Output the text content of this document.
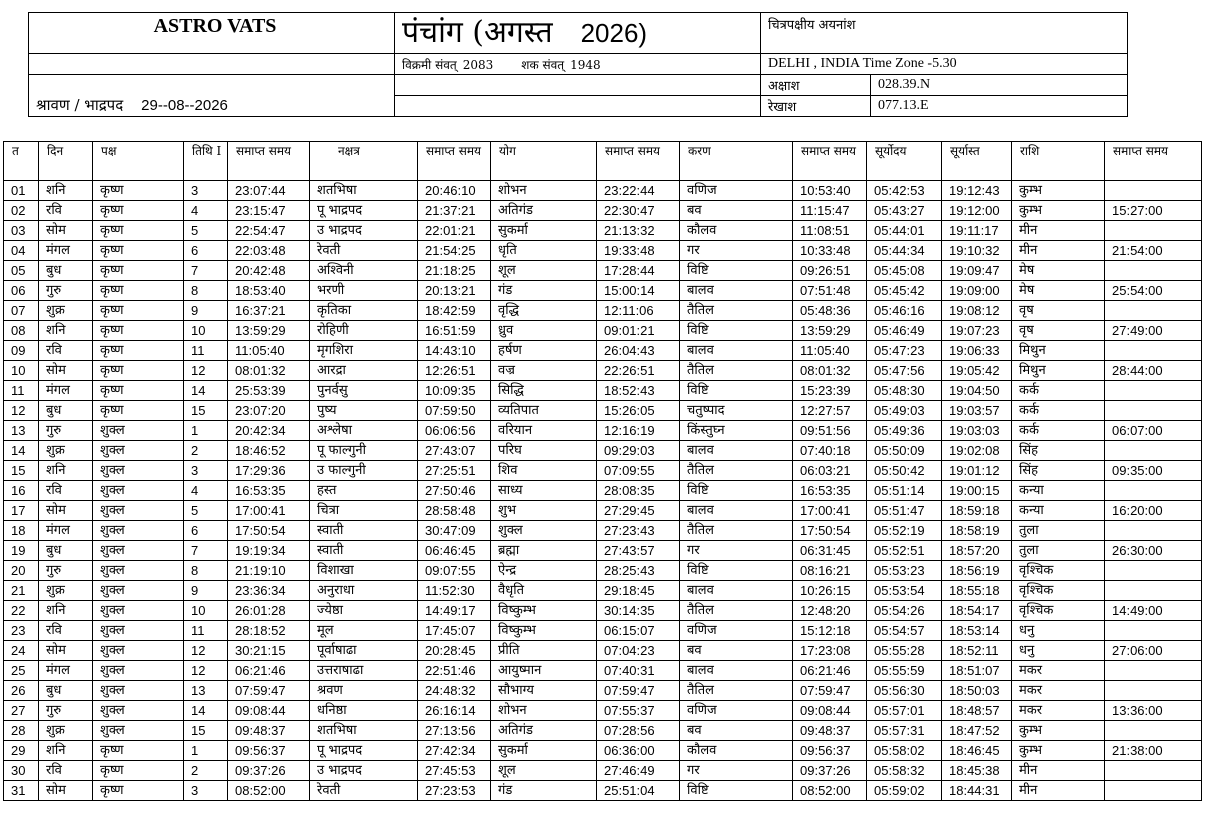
ASTRO VATS	पंचांग (अगस्त 2026)	चित्रपक्षीय अयनांश	

	विक्रमी संवत् 2083 शक संवत् 1948	DELHI , INDIA Time Zone -5.30	
श्रावण / भाद्रपद 29--08--2026		अक्षाश	028.39.N
		रेखाश	077.13.E
त	दिन	पक्ष	तिथि I	समाप्त समय	नक्षत्र	समाप्त समय	योग	समाप्त समय	करण	समाप्त समय	सूर्योदय	सूर्यास्त	राशि	समाप्त समय
01	शनि	कृष्ण	3	23:07:44	शतभिषा	20:46:10	शोभन	23:22:44	वणिज	10:53:40	05:42:53	19:12:43	कुम्भ	
02	रवि	कृष्ण	4	23:15:47	पू भाद्रपद	21:37:21	अतिगंड	22:30:47	बव	11:15:47	05:43:27	19:12:00	कुम्भ	15:27:00
03	सोम	कृष्ण	5	22:54:47	उ भाद्रपद	22:01:21	सुकर्मा	21:13:32	कौलव	11:08:51	05:44:01	19:11:17	मीन	
04	मंगल	कृष्ण	6	22:03:48	रेवती	21:54:25	धृति	19:33:48	गर	10:33:48	05:44:34	19:10:32	मीन	21:54:00
05	बुध	कृष्ण	7	20:42:48	अश्विनी	21:18:25	शूल	17:28:44	विष्टि	09:26:51	05:45:08	19:09:47	मेष	
06	गुरु	कृष्ण	8	18:53:40	भरणी	20:13:21	गंड	15:00:14	बालव	07:51:48	05:45:42	19:09:00	मेष	25:54:00
07	शुक्र	कृष्ण	9	16:37:21	कृतिका	18:42:59	वृद्धि	12:11:06	तैतिल	05:48:36	05:46:16	19:08:12	वृष	
08	शनि	कृष्ण	10	13:59:29	रोहिणी	16:51:59	ध्रुव	09:01:21	विष्टि	13:59:29	05:46:49	19:07:23	वृष	27:49:00
09	रवि	कृष्ण	11	11:05:40	मृगशिरा	14:43:10	हर्षण	26:04:43	बालव	11:05:40	05:47:23	19:06:33	मिथुन	
10	सोम	कृष्ण	12	08:01:32	आरद्रा	12:26:51	वज्र	22:26:51	तैतिल	08:01:32	05:47:56	19:05:42	मिथुन	28:44:00
11	मंगल	कृष्ण	14	25:53:39	पुनर्वसु	10:09:35	सिद्धि	18:52:43	विष्टि	15:23:39	05:48:30	19:04:50	कर्क	
12	बुध	कृष्ण	15	23:07:20	पुष्य	07:59:50	व्यतिपात	15:26:05	चतुष्पाद	12:27:57	05:49:03	19:03:57	कर्क	
13	गुरु	शुक्ल	1	20:42:34	अश्लेषा	06:06:56	वरियान	12:16:19	किंस्तुघ्न	09:51:56	05:49:36	19:03:03	कर्क	06:07:00
14	शुक्र	शुक्ल	2	18:46:52	पू फाल्गुनी	27:43:07	परिघ	09:29:03	बालव	07:40:18	05:50:09	19:02:08	सिंह	
15	शनि	शुक्ल	3	17:29:36	उ फाल्गुनी	27:25:51	शिव	07:09:55	तैतिल	06:03:21	05:50:42	19:01:12	सिंह	09:35:00
16	रवि	शुक्ल	4	16:53:35	हस्त	27:50:46	साध्य	28:08:35	विष्टि	16:53:35	05:51:14	19:00:15	कन्या	
17	सोम	शुक्ल	5	17:00:41	चित्रा	28:58:48	शुभ	27:29:45	बालव	17:00:41	05:51:47	18:59:18	कन्या	16:20:00
18	मंगल	शुक्ल	6	17:50:54	स्वाती	30:47:09	शुक्ल	27:23:43	तैतिल	17:50:54	05:52:19	18:58:19	तुला	
19	बुध	शुक्ल	7	19:19:34	स्वाती	06:46:45	ब्रह्मा	27:43:57	गर	06:31:45	05:52:51	18:57:20	तुला	26:30:00
20	गुरु	शुक्ल	8	21:19:10	विशाखा	09:07:55	ऐन्द्र	28:25:43	विष्टि	08:16:21	05:53:23	18:56:19	वृश्चिक	
21	शुक्र	शुक्ल	9	23:36:34	अनुराधा	11:52:30	वैधृति	29:18:45	बालव	10:26:15	05:53:54	18:55:18	वृश्चिक	
22	शनि	शुक्ल	10	26:01:28	ज्येष्ठा	14:49:17	विष्कुम्भ	30:14:35	तैतिल	12:48:20	05:54:26	18:54:17	वृश्चिक	14:49:00
23	रवि	शुक्ल	11	28:18:52	मूल	17:45:07	विष्कुम्भ	06:15:07	वणिज	15:12:18	05:54:57	18:53:14	धनु	
24	सोम	शुक्ल	12	30:21:15	पूर्वाषाढा	20:28:45	प्रीति	07:04:23	बव	17:23:08	05:55:28	18:52:11	धनु	27:06:00
25	मंगल	शुक्ल	12	06:21:46	उत्तराषाढा	22:51:46	आयुष्मान	07:40:31	बालव	06:21:46	05:55:59	18:51:07	मकर	
26	बुध	शुक्ल	13	07:59:47	श्रवण	24:48:32	सौभाग्य	07:59:47	तैतिल	07:59:47	05:56:30	18:50:03	मकर	
27	गुरु	शुक्ल	14	09:08:44	धनिष्ठा	26:16:14	शोभन	07:55:37	वणिज	09:08:44	05:57:01	18:48:57	मकर	13:36:00
28	शुक्र	शुक्ल	15	09:48:37	शतभिषा	27:13:56	अतिगंड	07:28:56	बव	09:48:37	05:57:31	18:47:52	कुम्भ	
29	शनि	कृष्ण	1	09:56:37	पू भाद्रपद	27:42:34	सुकर्मा	06:36:00	कौलव	09:56:37	05:58:02	18:46:45	कुम्भ	21:38:00
30	रवि	कृष्ण	2	09:37:26	उ भाद्रपद	27:45:53	शूल	27:46:49	गर	09:37:26	05:58:32	18:45:38	मीन	
31	सोम	कृष्ण	3	08:52:00	रेवती	27:23:53	गंड	25:51:04	विष्टि	08:52:00	05:59:02	18:44:31	मीन	
